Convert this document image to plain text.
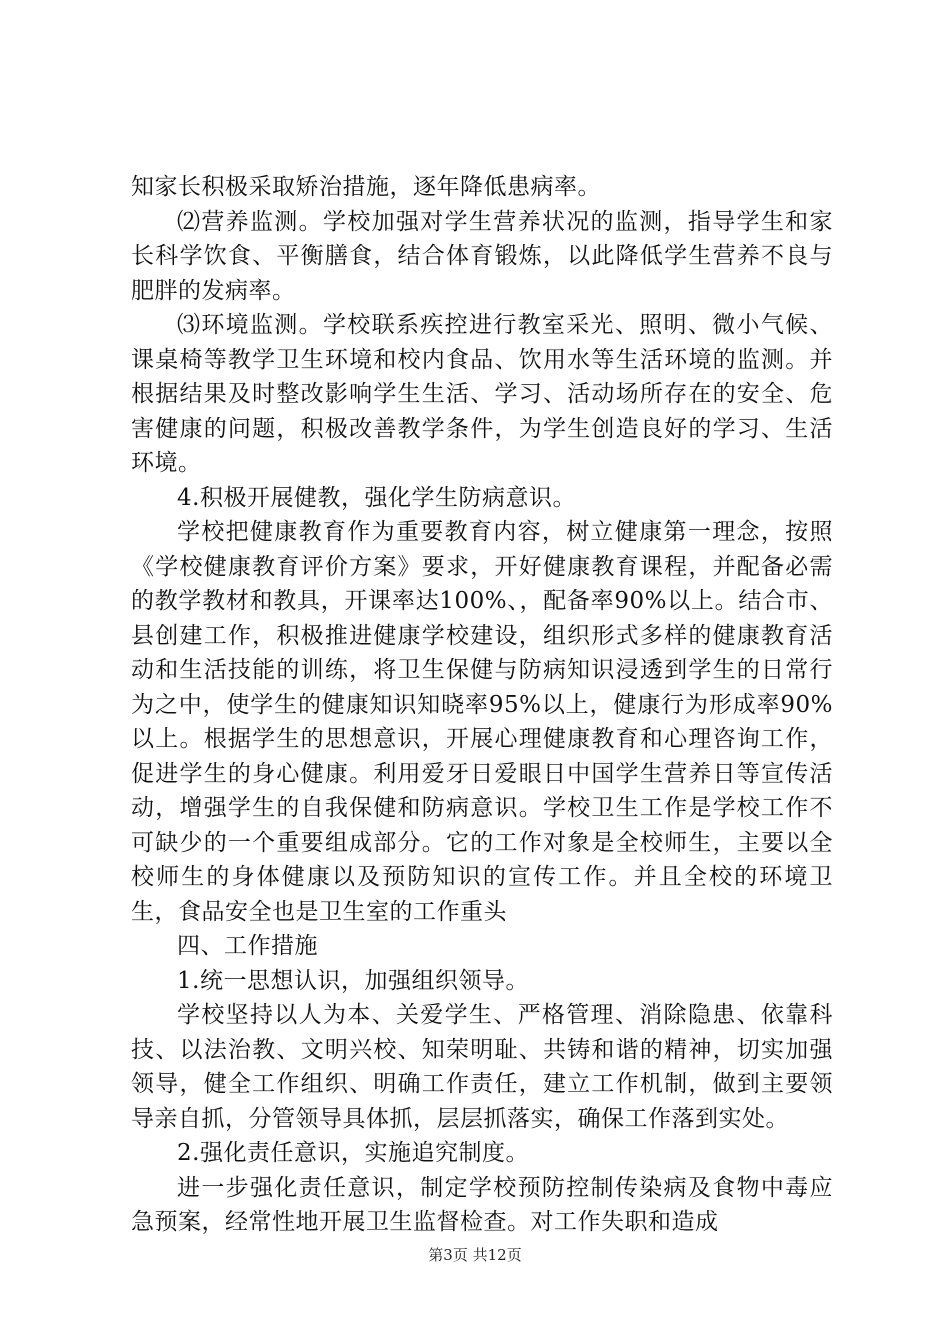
知家长积极采取矫治措施，逐年降低患病率。

⑵营养监测。学校加强对学生营养状况的监测，指导学生和家长科学饮食、平衡膳食，结合体育锻炼，以此降低学生营养不良与肥胖的发病率。

⑶环境监测。学校联系疾控进行教室采光、照明、微小气候、课桌椅等教学卫生环境和校内食品、饮用水等生活环境的监测。并根据结果及时整改影响学生生活、学习、活动场所存在的安全、危害健康的问题，积极改善教学条件，为学生创造良好的学习、生活环境。

4.积极开展健教，强化学生防病意识。

学校把健康教育作为重要教育内容，树立健康第一理念，按照《学校健康教育评价方案》要求，开好健康教育课程，并配备必需的教学教材和教具，开课率达100%、，配备率90%以上。结合市、县创建工作，积极推进健康学校建设，组织形式多样的健康教育活动和生活技能的训练，将卫生保健与防病知识浸透到学生的日常行为之中，使学生的健康知识知晓率95%以上，健康行为形成率90%以上。根据学生的思想意识，开展心理健康教育和心理咨询工作，促进学生的身心健康。利用爱牙日爱眼日中国学生营养日等宣传活动，增强学生的自我保健和防病意识。学校卫生工作是学校工作不可缺少的一个重要组成部分。它的工作对象是全校师生，主要以全校师生的身体健康以及预防知识的宣传工作。并且全校的环境卫生，食品安全也是卫生室的工作重头

四、工作措施

1.统一思想认识，加强组织领导。

学校坚持以人为本、关爱学生、严格管理、消除隐患、依靠科技、以法治教、文明兴校、知荣明耻、共铸和谐的精神，切实加强领导，健全工作组织、明确工作责任，建立工作机制，做到主要领导亲自抓，分管领导具体抓，层层抓落实，确保工作落到实处。

2.强化责任意识，实施追究制度。

进一步强化责任意识，制定学校预防控制传染病及食物中毒应急预案，经常性地开展卫生监督检查。对工作失职和造成

第3页 共12页
